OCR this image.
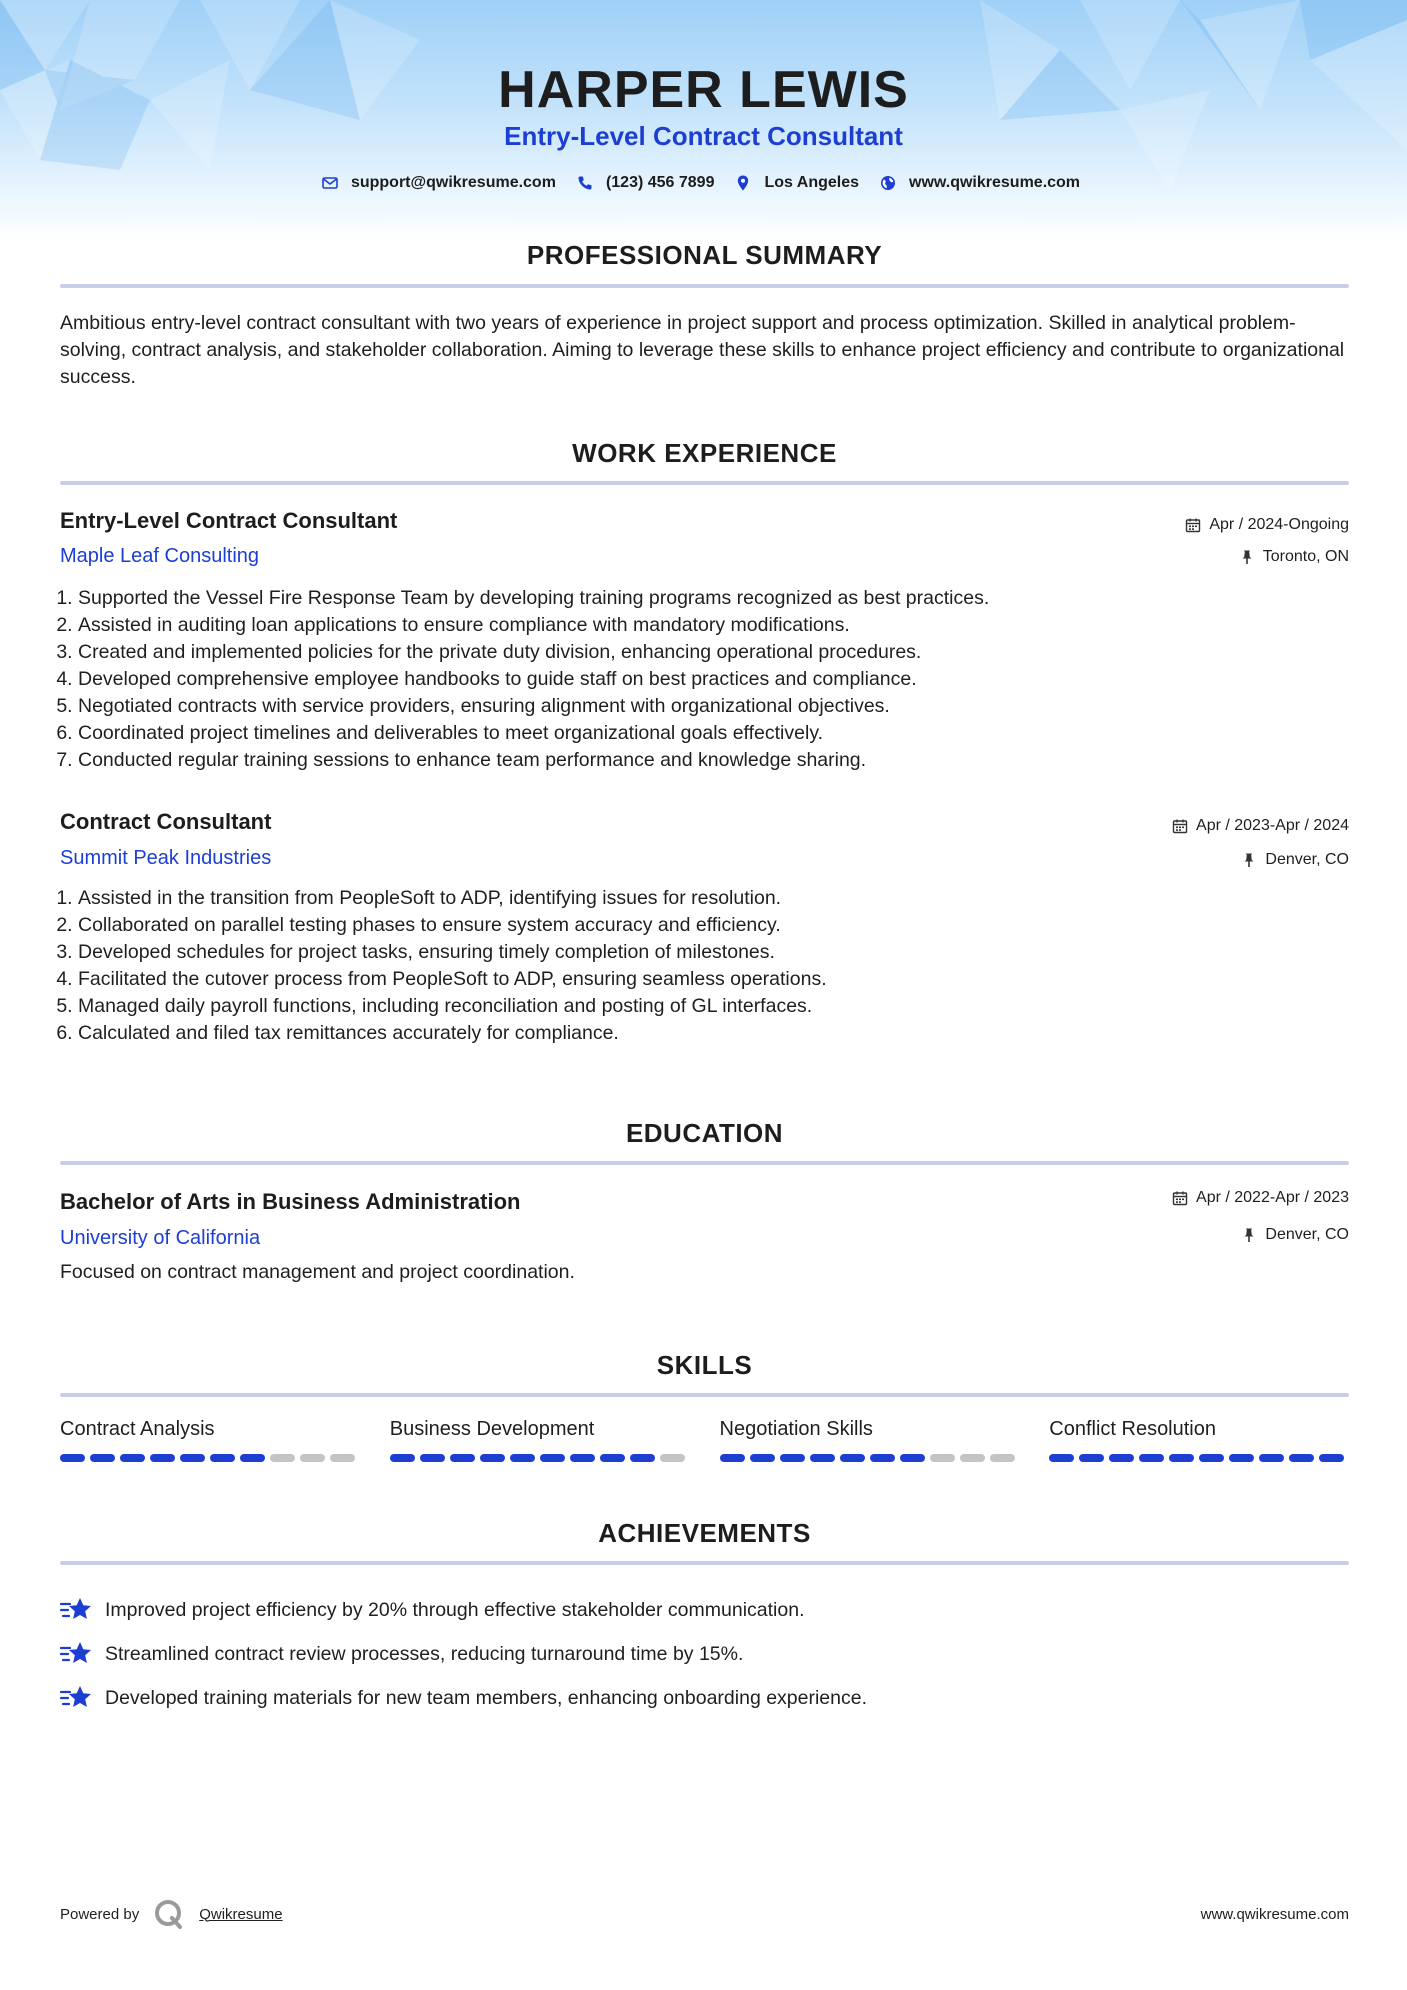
HARPER LEWIS
Entry-Level Contract Consultant
support@qwikresume.com	(123) 456 7899	Los Angeles	www.qwikresume.com
PROFESSIONAL SUMMARY
Ambitious entry-level contract consultant with two years of experience in project support and process optimization. Skilled in analytical problem-solving, contract analysis, and stakeholder collaboration. Aiming to leverage these skills to enhance project efficiency and contribute to organizational success.
WORK EXPERIENCE
Entry-Level Contract Consultant
Maple Leaf Consulting
Apr / 2024-Ongoing
Toronto, ON
1. Supported the Vessel Fire Response Team by developing training programs recognized as best practices.
2. Assisted in auditing loan applications to ensure compliance with mandatory modifications.
3. Created and implemented policies for the private duty division, enhancing operational procedures.
4. Developed comprehensive employee handbooks to guide staff on best practices and compliance.
5. Negotiated contracts with service providers, ensuring alignment with organizational objectives.
6. Coordinated project timelines and deliverables to meet organizational goals effectively.
7. Conducted regular training sessions to enhance team performance and knowledge sharing.
Contract Consultant
Summit Peak Industries
Apr / 2023-Apr / 2024
Denver, CO
1. Assisted in the transition from PeopleSoft to ADP, identifying issues for resolution.
2. Collaborated on parallel testing phases to ensure system accuracy and efficiency.
3. Developed schedules for project tasks, ensuring timely completion of milestones.
4. Facilitated the cutover process from PeopleSoft to ADP, ensuring seamless operations.
5. Managed daily payroll functions, including reconciliation and posting of GL interfaces.
6. Calculated and filed tax remittances accurately for compliance.
EDUCATION
Bachelor of Arts in Business Administration
University of California
Apr / 2022-Apr / 2023
Denver, CO
Focused on contract management and project coordination.
SKILLS
Contract Analysis	Business Development	Negotiation Skills	Conflict Resolution
ACHIEVEMENTS
Improved project efficiency by 20% through effective stakeholder communication.
Streamlined contract review processes, reducing turnaround time by 15%.
Developed training materials for new team members, enhancing onboarding experience.
Powered by	Qwikresume	www.qwikresume.com
